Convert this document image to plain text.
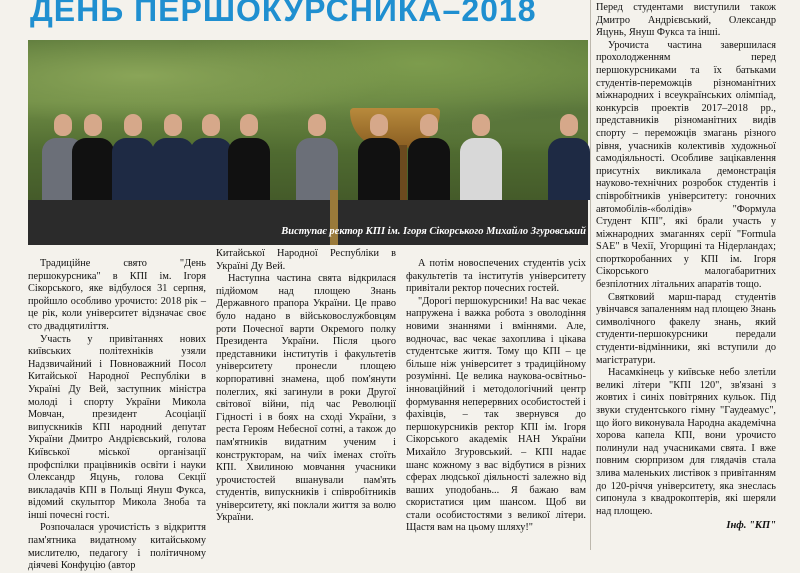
ДЕНЬ ПЕРШОКУРСНИКА–2018
Виступає ректор КПІ ім. Ігоря Сікорського Михайло Згуровський

Традиційне свято "День першокурсника" в КПІ ім. Ігоря Сікорського, яке відбулося 31 серпня, пройшло особливо урочисто: 2018 рік – це рік, коли університет відзначає своє сто двадцятиліття.

Участь у привітаннях нових київських політехніків узяли Надзвичайний і Повноважний Посол Китайської Народної Республіки в Україні Ду Вей, заступник міністра молоді і спорту України Микола Мовчан, президент Асоціації випускників КПІ народний депутат України Дмитро Андрієвський, голова Київської міської організації профспілки працівників освіти і науки Олександр Яцунь, голова Секції викладачів КПІ в Польщі Януш Фукса, відомий скульптор Микола Зноба та інші почесні гості.

Розпочалася урочистість з відкриття пам'ятника видатному китайському мислителю, педагогу і політичному діячеві Конфуцію (автор

Китайської Народної Республіки в Україні Ду Вей.

Наступна частина свята відкрилася підйомом над площею Знань Державного прапора України. Це право було надано в військовослужбовцям роти Почесної варти Окремого полку Президента України. Після цього представники інститутів і факультетів університету пронесли площею корпоративні знамена, щоб пом'янути полеглих, які загинули в роки Другої світової війни, під час Революції Гідності і в боях на сході України, з реста Героям Небесної сотні, а також до пам'ятників видатним ученим і конструкторам, на чиїх іменах стоїть КПІ. Хвилиною мовчання учасники урочистостей вшанували пам'ять студентів, випускників і співробітників університету, які поклали життя за волю України.

А потім новоспечених студентів усіх факультетів та інститутів університету привітали ректор почесних гостей.

"Дорогі першокурсники! На вас чекає напружена і важка робота з оволодіння новими знаннями і вміннями. Але, водночас, вас чекає захоплива і цікава студентське життя. Тому що КПІ – це більше ніж університет з традиційному розумінні. Це велика наукова-освітньо-інноваційний і методологічний центр формування неперервних особистостей і фахівців, – так звернувся до першокурсників ректор КПІ ім. Ігоря Сікорського академік НАН України Михайло Згуровський. – КПІ надає шанс кожному з вас відбутися в різних сферах людської діяльності залежно від ваших уподобань... Я бажаю вам скористатися цим шансом. Щоб ви стали особистостями з великої літери. Щастя вам на цьому шляху!"

Перед студентами виступили також Дмитро Андрієвський, Олександр Яцунь, Януш Фукса та інші.

Урочиста частина завершилася прохолодженням перед першокурсниками та їх батьками студентів-переможців різноманітних міжнародних і всеукраїнських олімпіад, конкурсів проектів 2017–2018 рр., представників різноманітних видів спорту – переможців змагань різного рівня, учасників колективів художньої самодіяльності. Особливе зацікавлення присутніх викликала демонстрація науково-технічних розробок студентів і співробітників університету: гоночних автомобілів-«болідів» "Формула Студент КПІ", які брали участь у міжнародних змаганнях серії "Formula SAE" в Чехії, Угорщині та Нідерландах; спорткоробанних у КПІ ім. Ігоря Сікорського малогабаритних безпілотних літальних апаратів тощо.

Святковий марш-парад студентів увінчався запаленням над площею Знань символічного факелу знань, який студенти-першокурсники передали студенти-відмінники, які вступили до магістратури.

Насамкінець у київське небо злетіли великі літери "КПІ 120", зв'язані з жовтих і синіх повітряних кульок. Під звуки студентського гімну "Гаудеамус", що його виконувала Народна академічна хорова капела КПІ, вони урочисто полинули над учасниками свята. І вже повним сюрпризом для глядачів стала злива маленьких листівок з привітанням до 120-річчя університету, яка знеслась сипонула з квадрокоптерів, які шеряли над площею.

Інф. "КП"
